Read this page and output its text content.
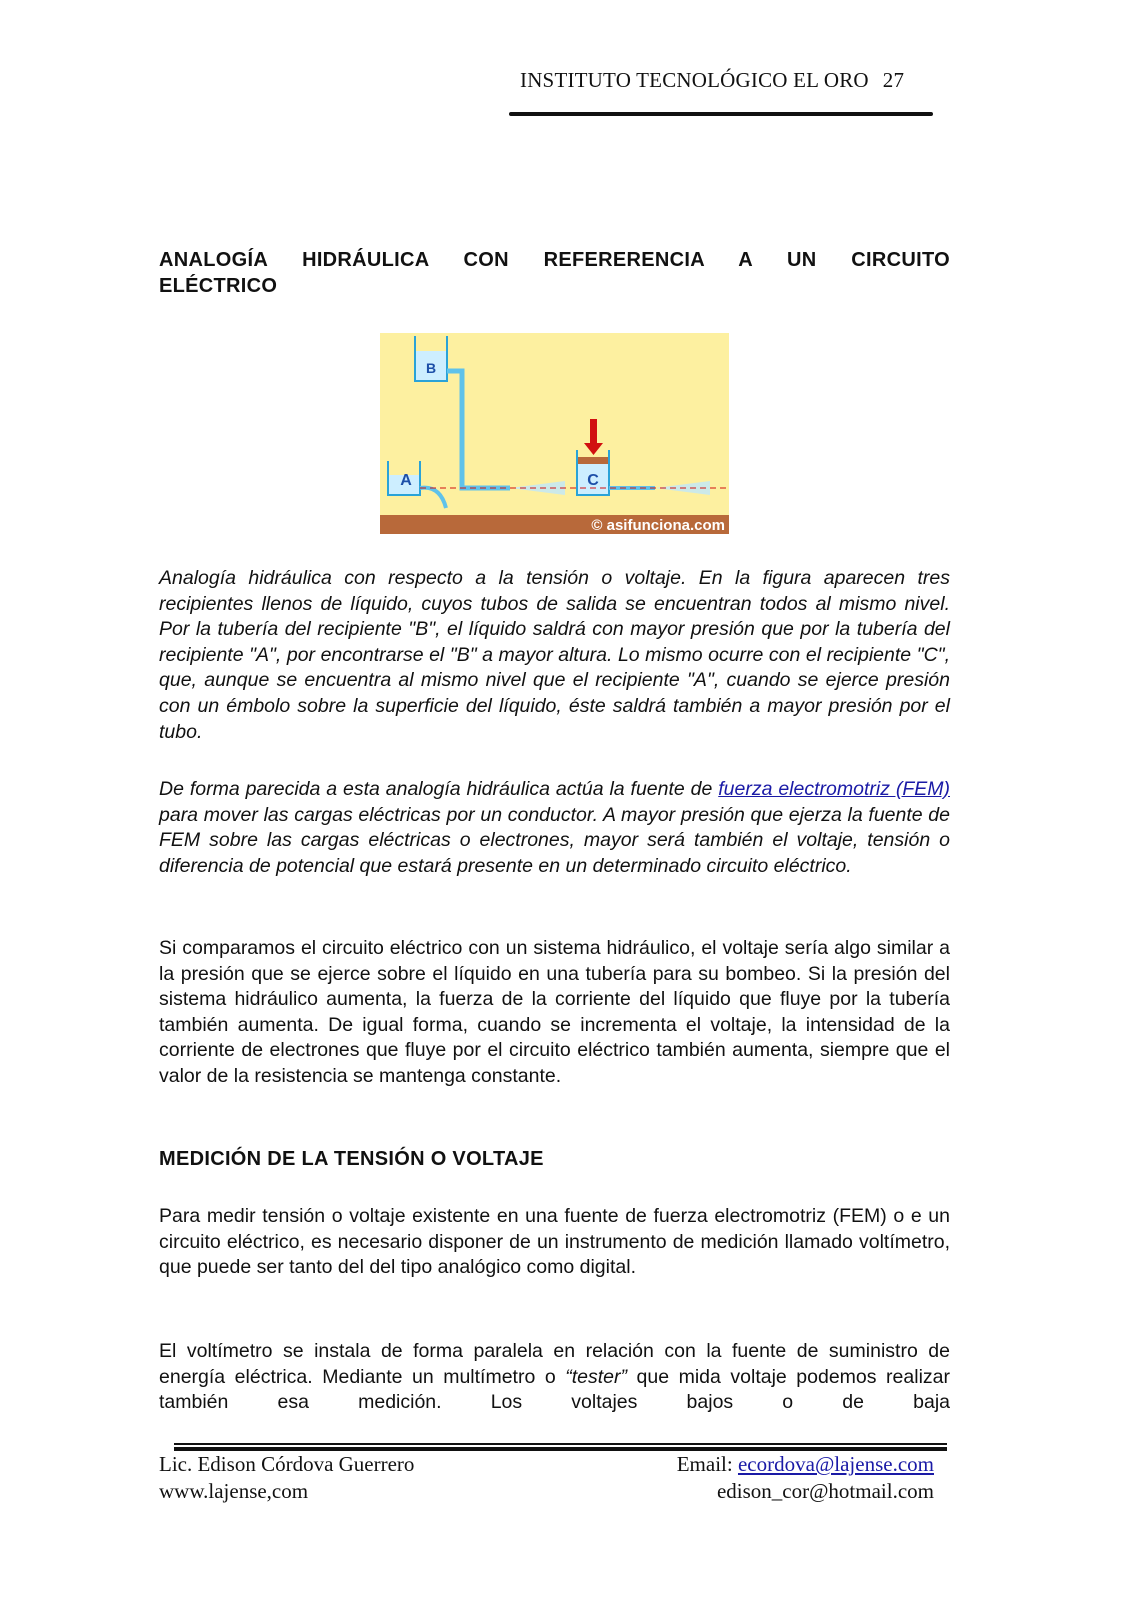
INSTITUTO TECNOLÓGICO EL ORO 27
ANALOGÍA HIDRÁULICA CON REFERERENCIA A UN CIRCUITO
ELÉCTRICO
B
A	C
© asifunciona.com
Analogía hidráulica con respecto a la tensión o voltaje. En la figura aparecen tres recipientes llenos de líquido, cuyos tubos de salida se encuentran todos al mismo nivel. Por la tubería del recipiente "B", el líquido saldrá con mayor presión que por la tubería del recipiente "A", por encontrarse el "B" a mayor altura. Lo mismo ocurre con el recipiente "C", que, aunque se encuentra al mismo nivel que el recipiente "A", cuando se ejerce presión con un émbolo sobre la superficie del líquido, éste saldrá también a mayor presión por el tubo.
De forma parecida a esta analogía hidráulica actúa la fuente de fuerza electromotriz (FEM) para mover las cargas eléctricas por un conductor. A mayor presión que ejerza la fuente de FEM sobre las cargas eléctricas o electrones, mayor será también el voltaje, tensión o diferencia de potencial que estará presente en un determinado circuito eléctrico.
Si comparamos el circuito eléctrico con un sistema hidráulico, el voltaje sería algo similar a la presión que se ejerce sobre el líquido en una tubería para su bombeo. Si la presión del sistema hidráulico aumenta, la fuerza de la corriente del líquido que fluye por la tubería también aumenta. De igual forma, cuando se incrementa el voltaje, la intensidad de la corriente de electrones que fluye por el circuito eléctrico también aumenta, siempre que el valor de la resistencia se mantenga constante.
MEDICIÓN DE LA TENSIÓN O VOLTAJE
Para medir tensión o voltaje existente en una fuente de fuerza electromotriz (FEM) o e un circuito eléctrico, es necesario disponer de un instrumento de medición llamado voltímetro, que puede ser tanto del del tipo analógico como digital.
El voltímetro se instala de forma paralela en relación con la fuente de suministro de energía eléctrica. Mediante un multímetro o “tester” que mida voltaje podemos realizar también esa medición. Los voltajes bajos o de baja
Lic. Edison Córdova Guerrero
www.lajense,com
Email: ecordova@lajense.com
edison_cor@hotmail.com
